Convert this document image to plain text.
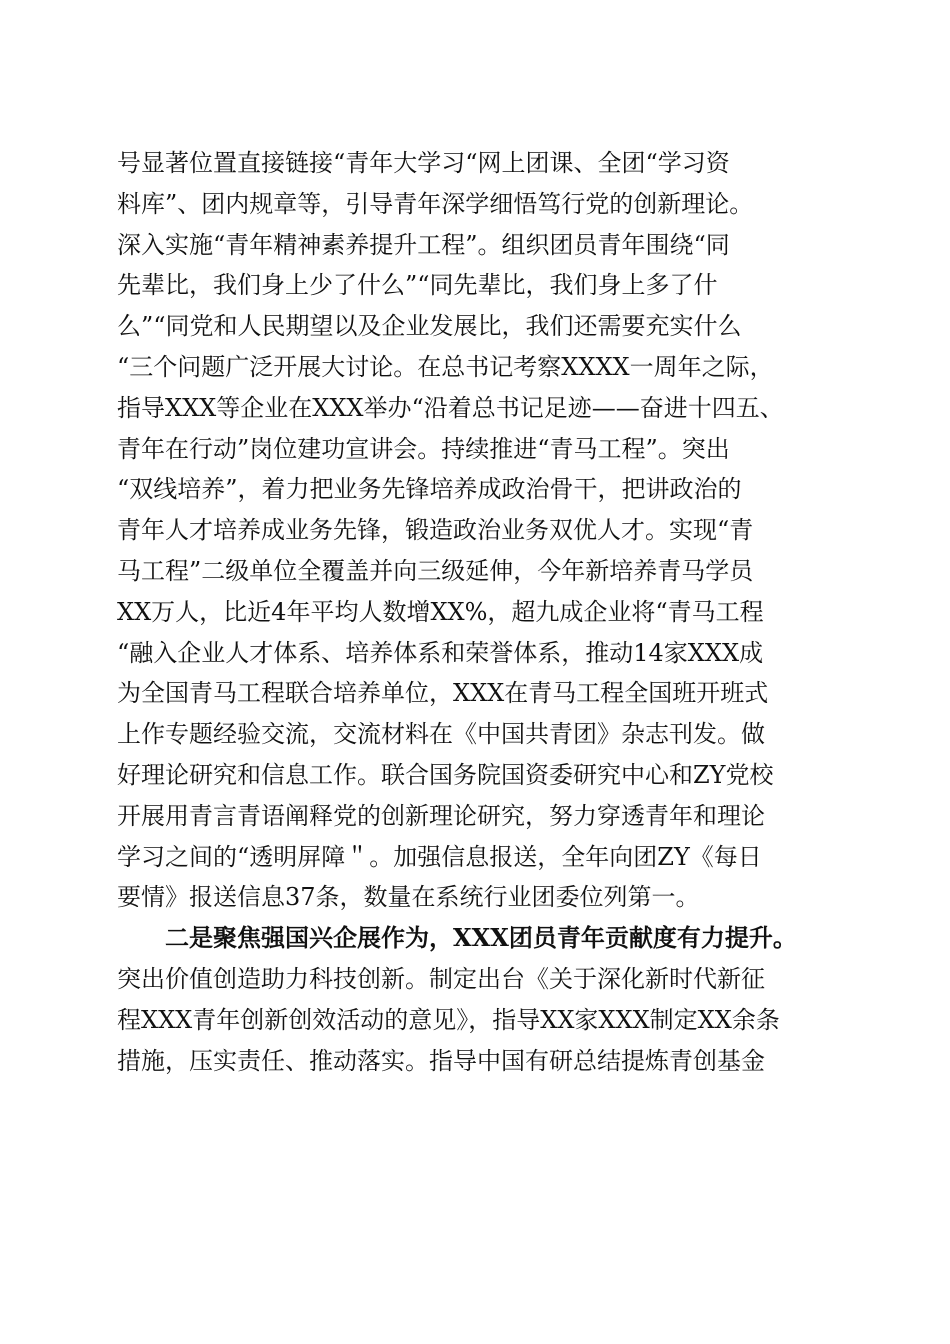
号显著位置直接链接“青年大学习“网上团课、全团“学习资
料库”、团内规章等，引导青年深学细悟笃行党的创新理论。
深入实施“青年精神素养提升工程”。组织团员青年围绕“同
先辈比，我们身上少了什么”“同先辈比，我们身上多了什
么”“同党和人民期望以及企业发展比，我们还需要充实什么
“三个问题广泛开展大讨论。在总书记考察XXXX一周年之际，
指导XXX等企业在XXX举办“沿着总书记足迹——奋进十四五、
青年在行动”岗位建功宣讲会。持续推进“青马工程”。突出
“双线培养”，着力把业务先锋培养成政治骨干，把讲政治的
青年人才培养成业务先锋，锻造政治业务双优人才。实现“青
马工程”二级单位全覆盖并向三级延伸，今年新培养青马学员
XX万人，比近4年平均人数增XX%，超九成企业将“青马工程
“融入企业人才体系、培养体系和荣誉体系，推动14家XXX成
为全国青马工程联合培养单位，XXX在青马工程全国班开班式
上作专题经验交流，交流材料在《中国共青团》杂志刊发。做
好理论研究和信息工作。联合国务院国资委研究中心和ZY党校
开展用青言青语阐释党的创新理论研究，努力穿透青年和理论
学习之间的“透明屏障＂。加强信息报送，全年向团ZY《每日
要情》报送信息37条，数量在系统行业团委位列第一。
二是聚焦强国兴企展作为，XXX团员青年贡献度有力提升。
突出价值创造助力科技创新。制定出台《关于深化新时代新征
程XXX青年创新创效活动的意见》，指导XX家XXX制定XX余条
措施，压实责任、推动落实。指导中国有研总结提炼青创基金
